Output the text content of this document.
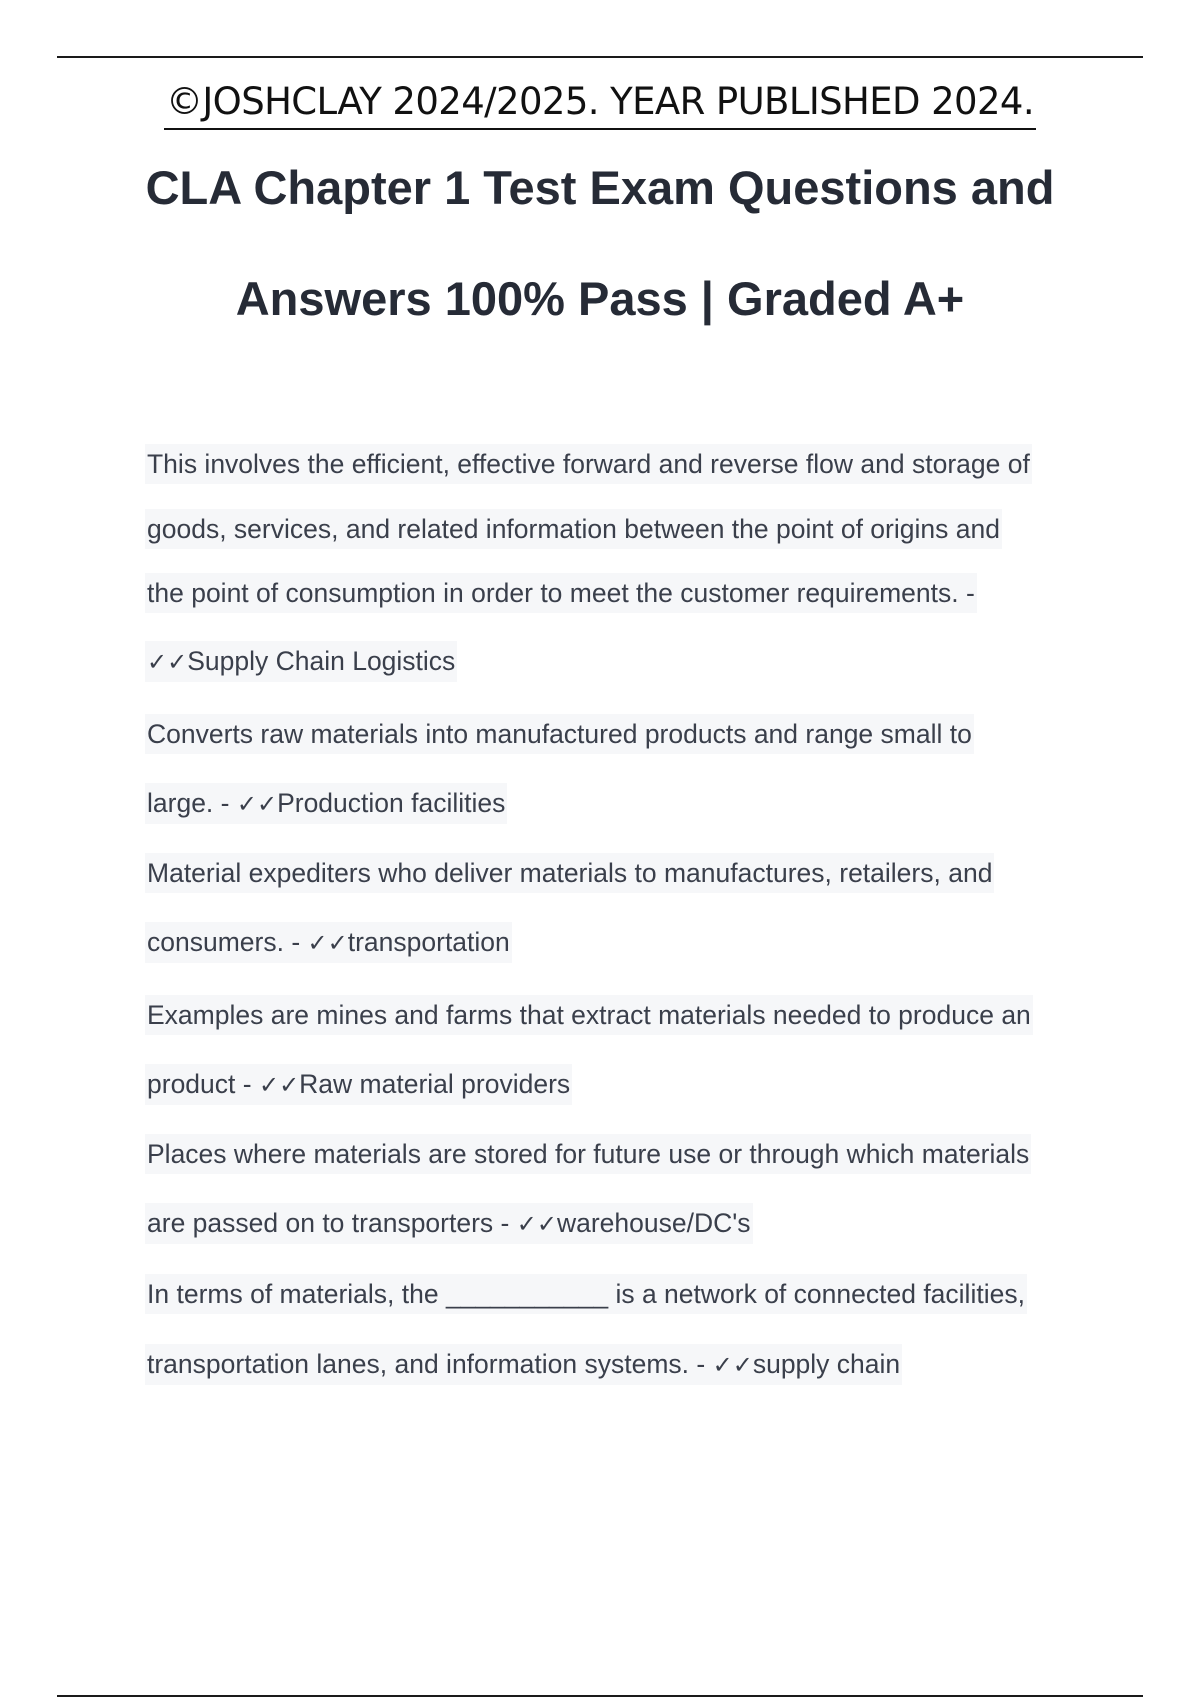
©JOSHCLAY 2024/2025. YEAR PUBLISHED 2024.
CLA Chapter 1 Test Exam Questions and
Answers 100% Pass | Graded A+
This involves the efficient, effective forward and reverse flow and storage of
goods, services, and related information between the point of origins and
the point of consumption in order to meet the customer requirements. -
✓✓Supply Chain Logistics
Converts raw materials into manufactured products and range small to
large. - ✓✓Production facilities
Material expediters who deliver materials to manufactures, retailers, and
consumers. - ✓✓transportation
Examples are mines and farms that extract materials needed to produce an
product - ✓✓Raw material providers
Places where materials are stored for future use or through which materials
are passed on to transporters - ✓✓warehouse/DC's
In terms of materials, the ___________ is a network of connected facilities,
transportation lanes, and information systems. - ✓✓supply chain
